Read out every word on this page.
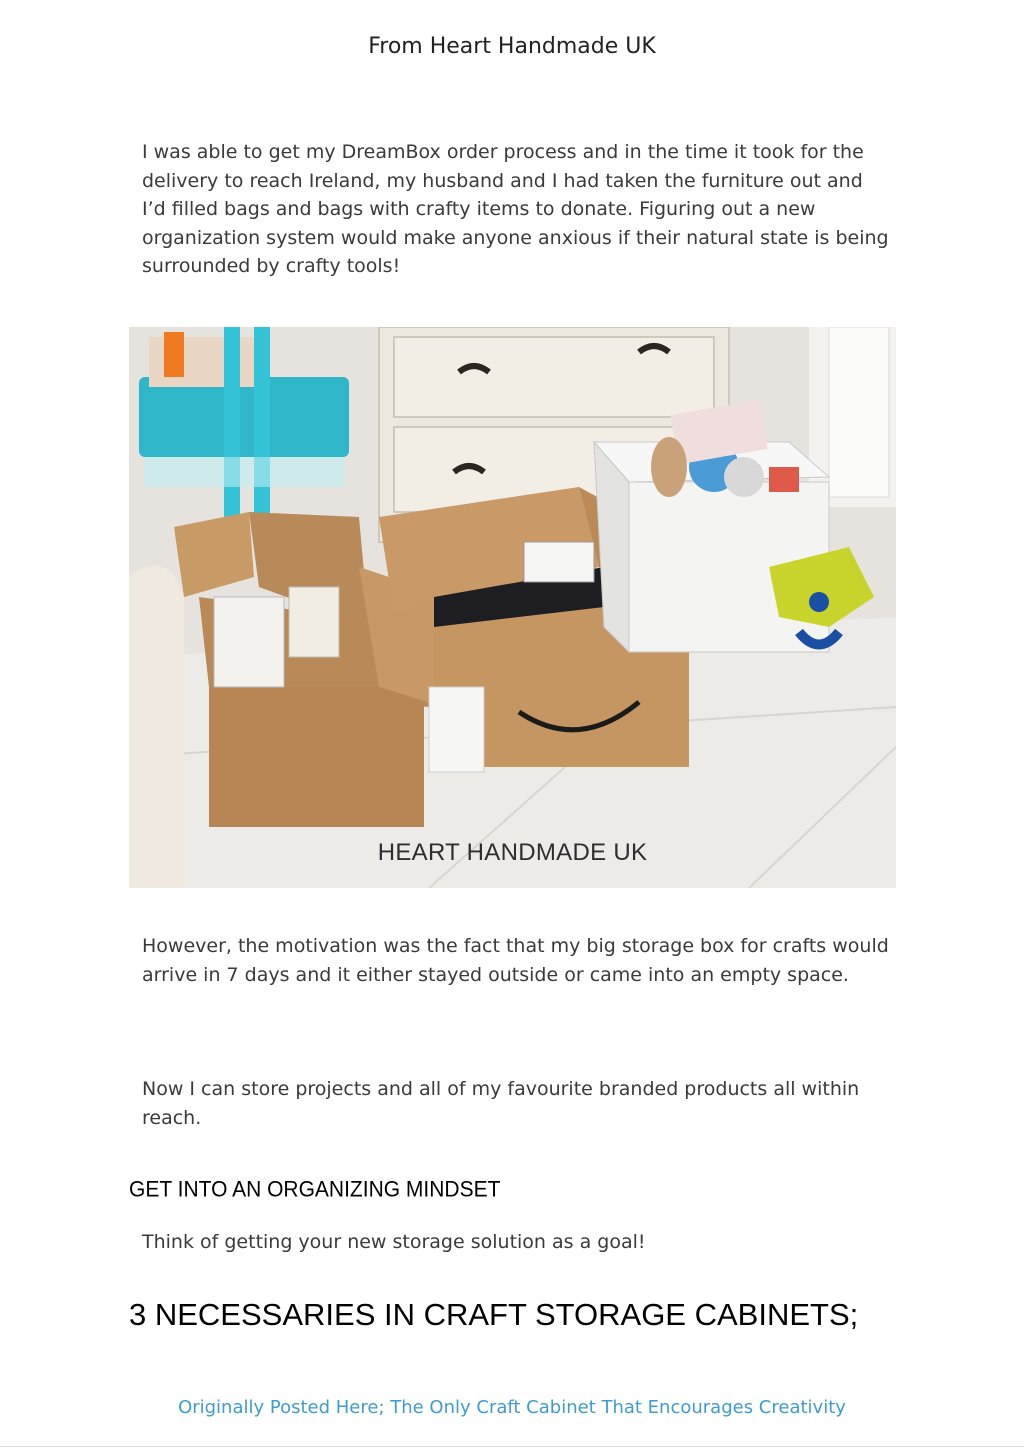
From Heart Handmade UK

I was able to get my DreamBox order process and in the time it took for the delivery to reach Ireland, my husband and I had taken the furniture out and I’d filled bags and bags with crafty items to donate. Figuring out a new organization system would make anyone anxious if their natural state is being surrounded by crafty tools!

HEART HANDMADE UK

However, the motivation was the fact that my big storage box for crafts would arrive in 7 days and it either stayed outside or came into an empty space.

Now I can store projects and all of my favourite branded products all within reach.

GET INTO AN ORGANIZING MINDSET

Think of getting your new storage solution as a goal!

3 NECESSARIES IN CRAFT STORAGE CABINETS;
Originally Posted Here; The Only Craft Cabinet That Encourages Creativity
